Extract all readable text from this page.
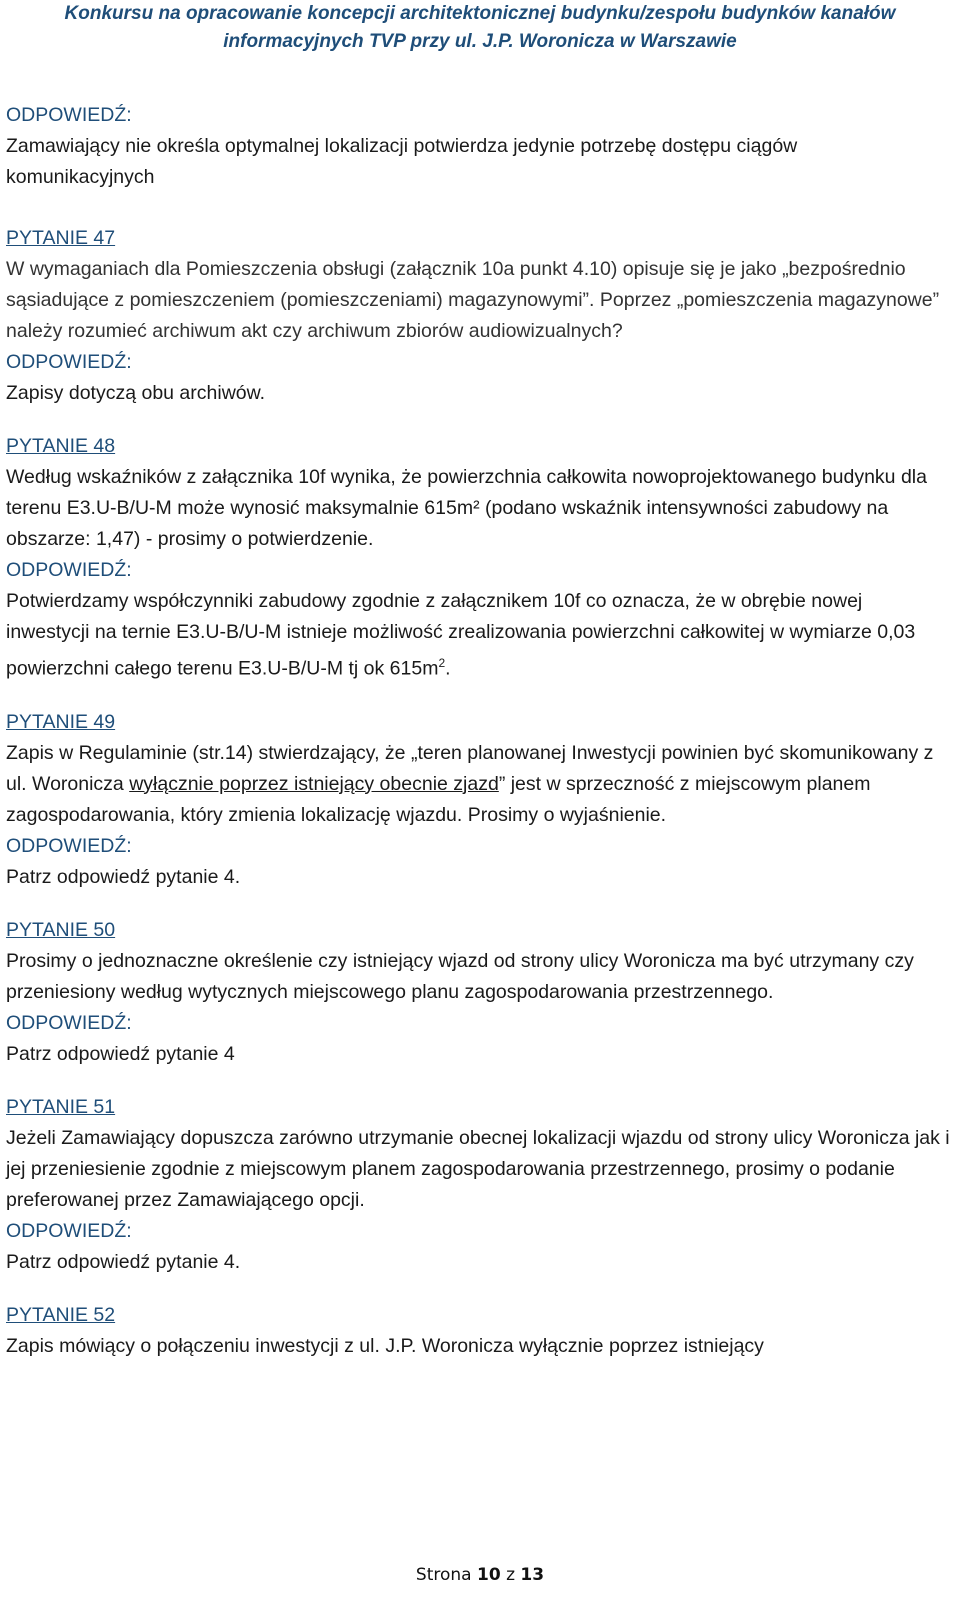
Konkursu na opracowanie koncepcji architektonicznej budynku/zespołu budynków kanałów
informacyjnych TVP przy ul. J.P. Woronicza w Warszawie

ODPOWIEDŹ:

Zamawiający nie określa optymalnej lokalizacji potwierdza jedynie potrzebę dostępu ciągów komunikacyjnych

PYTANIE 47

W wymaganiach dla Pomieszczenia obsługi (załącznik 10a punkt 4.10) opisuje się je jako „bezpośrednio sąsiadujące z pomieszczeniem (pomieszczeniami) magazynowymi”. Poprzez „pomieszczenia magazynowe” należy rozumieć archiwum akt czy archiwum zbiorów audiowizualnych?

ODPOWIEDŹ:

Zapisy dotyczą obu archiwów.

PYTANIE 48

Według wskaźników z załącznika 10f wynika, że powierzchnia całkowita nowoprojektowanego budynku dla terenu E3.U-B/U-M może wynosić maksymalnie 615m² (podano wskaźnik intensywności zabudowy na obszarze: 1,47) - prosimy o potwierdzenie.

ODPOWIEDŹ:

Potwierdzamy współczynniki zabudowy zgodnie z załącznikem 10f co oznacza, że w obrębie nowej inwestycji na ternie E3.U-B/U-M istnieje możliwość zrealizowania powierzchni całkowitej w wymiarze 0,03 powierzchni całego terenu E3.U-B/U-M tj ok $615m^2$.

PYTANIE 49

Zapis w Regulaminie (str.14) stwierdzający, że „teren planowanej Inwestycji powinien być skomunikowany z ul. Woronicza wyłącznie poprzez istniejący obecnie zjazd” jest w sprzeczność z miejscowym planem zagospodarowania, który zmienia lokalizację wjazdu. Prosimy o wyjaśnienie.

ODPOWIEDŹ:

Patrz odpowiedź pytanie 4.

PYTANIE 50

Prosimy o jednoznaczne określenie czy istniejący wjazd od strony ulicy Woronicza ma być utrzymany czy przeniesiony według wytycznych miejscowego planu zagospodarowania przestrzennego.

ODPOWIEDŹ:

Patrz odpowiedź pytanie 4

PYTANIE 51

Jeżeli Zamawiający dopuszcza zarówno utrzymanie obecnej lokalizacji wjazdu od strony ulicy Woronicza jak i jej przeniesienie zgodnie z miejscowym planem zagospodarowania przestrzennego, prosimy o podanie preferowanej przez Zamawiającego opcji.

ODPOWIEDŹ:

Patrz odpowiedź pytanie 4.

PYTANIE 52

Zapis mówiący o połączeniu inwestycji z ul. J.P. Woronicza wyłącznie poprzez istniejący

Strona 10 z 13
